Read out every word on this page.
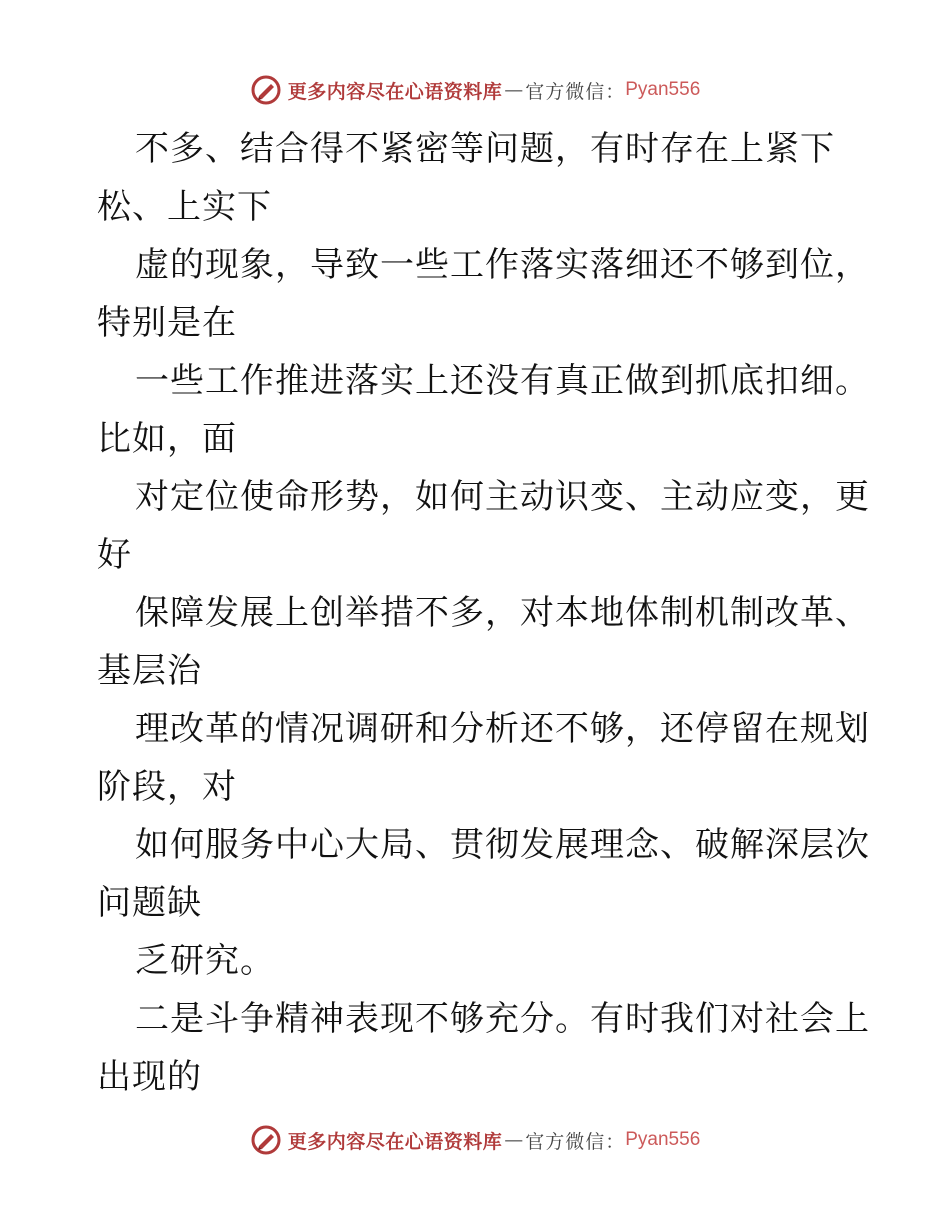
更多内容尽在心语资料库 — 官方微信： Pyan556
不多、结合得不紧密等问题，有时存在上紧下
松、上实下
虚的现象，导致一些工作落实落细还不够到位，
特别是在
一些工作推进落实上还没有真正做到抓底扣细。
比如，面
对定位使命形势，如何主动识变、主动应变，更
好
保障发展上创举措不多，对本地体制机制改革、
基层治
理改革的情况调研和分析还不够，还停留在规划
阶段，对
如何服务中心大局、贯彻发展理念、破解深层次
问题缺
乏研究。
二是斗争精神表现不够充分。有时我们对社会上
出现的
更多内容尽在心语资料库 — 官方微信： Pyan556
